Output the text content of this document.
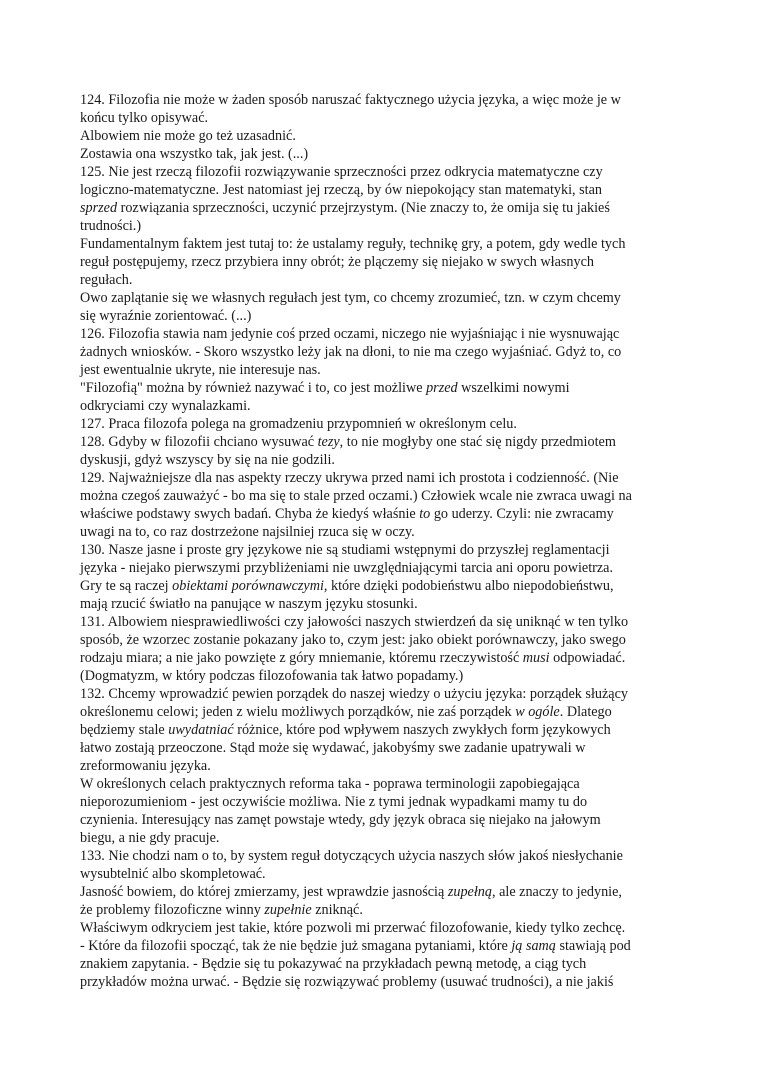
124. Filozofia nie może w żaden sposób naruszać faktycznego użycia języka, a więc może je w
końcu tylko opisywać.
Albowiem nie może go też uzasadnić.
Zostawia ona wszystko tak, jak jest. (...)
125. Nie jest rzeczą filozofii rozwiązywanie sprzeczności przez odkrycia matematyczne czy
logiczno-matematyczne. Jest natomiast jej rzeczą, by ów niepokojący stan matematyki, stan
sprzed rozwiązania sprzeczności, uczynić przejrzystym. (Nie znaczy to, że omija się tu jakieś
trudności.)
Fundamentalnym faktem jest tutaj to: że ustalamy reguły, technikę gry, a potem, gdy wedle tych
reguł postępujemy, rzecz przybiera inny obrót; że plączemy się niejako w swych własnych
regułach.
Owo zaplątanie się we własnych regułach jest tym, co chcemy zrozumieć, tzn. w czym chcemy
się wyraźnie zorientować. (...)
126. Filozofia stawia nam jedynie coś przed oczami, niczego nie wyjaśniając i nie wysnuwając
żadnych wniosków. - Skoro wszystko leży jak na dłoni, to nie ma czego wyjaśniać. Gdyż to, co
jest ewentualnie ukryte, nie interesuje nas.
"Filozofią" można by również nazywać i to, co jest możliwe przed wszelkimi nowymi
odkryciami czy wynalazkami.
127. Praca filozofa polega na gromadzeniu przypomnień w określonym celu.
128. Gdyby w filozofii chciano wysuwać tezy, to nie mogłyby one stać się nigdy przedmiotem
dyskusji, gdyż wszyscy by się na nie godzili.
129. Najważniejsze dla nas aspekty rzeczy ukrywa przed nami ich prostota i codzienność. (Nie
można czegoś zauważyć - bo ma się to stale przed oczami.) Człowiek wcale nie zwraca uwagi na
właściwe podstawy swych badań. Chyba że kiedyś właśnie to go uderzy. Czyli: nie zwracamy
uwagi na to, co raz dostrzeżone najsilniej rzuca się w oczy.
130. Nasze jasne i proste gry językowe nie są studiami wstępnymi do przyszłej reglamentacji
języka - niejako pierwszymi przybliżeniami nie uwzględniającymi tarcia ani oporu powietrza.
Gry te są raczej obiektami porównawczymi, które dzięki podobieństwu albo niepodobieństwu,
mają rzucić światło na panujące w naszym języku stosunki.
131. Albowiem niesprawiedliwości czy jałowości naszych stwierdzeń da się uniknąć w ten tylko
sposób, że wzorzec zostanie pokazany jako to, czym jest: jako obiekt porównawczy, jako swego
rodzaju miara; a nie jako powzięte z góry mniemanie, któremu rzeczywistość musi odpowiadać.
(Dogmatyzm, w który podczas filozofowania tak łatwo popadamy.)
132. Chcemy wprowadzić pewien porządek do naszej wiedzy o użyciu języka: porządek służący
określonemu celowi; jeden z wielu możliwych porządków, nie zaś porządek w ogóle. Dlatego
będziemy stale uwydatniać różnice, które pod wpływem naszych zwykłych form językowych
łatwo zostają przeoczone. Stąd może się wydawać, jakobyśmy swe zadanie upatrywali w
zreformowaniu języka.
W określonych celach praktycznych reforma taka - poprawa terminologii zapobiegająca
nieporozumieniom - jest oczywiście możliwa. Nie z tymi jednak wypadkami mamy tu do
czynienia. Interesujący nas zamęt powstaje wtedy, gdy język obraca się niejako na jałowym
biegu, a nie gdy pracuje.
133. Nie chodzi nam o to, by system reguł dotyczących użycia naszych słów jakoś niesłychanie
wysubtelnić albo skompletować.
Jasność bowiem, do której zmierzamy, jest wprawdzie jasnością zupełną, ale znaczy to jedynie,
że problemy filozoficzne winny zupełnie zniknąć.
Właściwym odkryciem jest takie, które pozwoli mi przerwać filozofowanie, kiedy tylko zechcę.
- Które da filozofii spocząć, tak że nie będzie już smagana pytaniami, które ją samą stawiają pod
znakiem zapytania. - Będzie się tu pokazywać na przykładach pewną metodę, a ciąg tych
przykładów można urwać. - Będzie się rozwiązywać problemy (usuwać trudności), a nie jakiś
